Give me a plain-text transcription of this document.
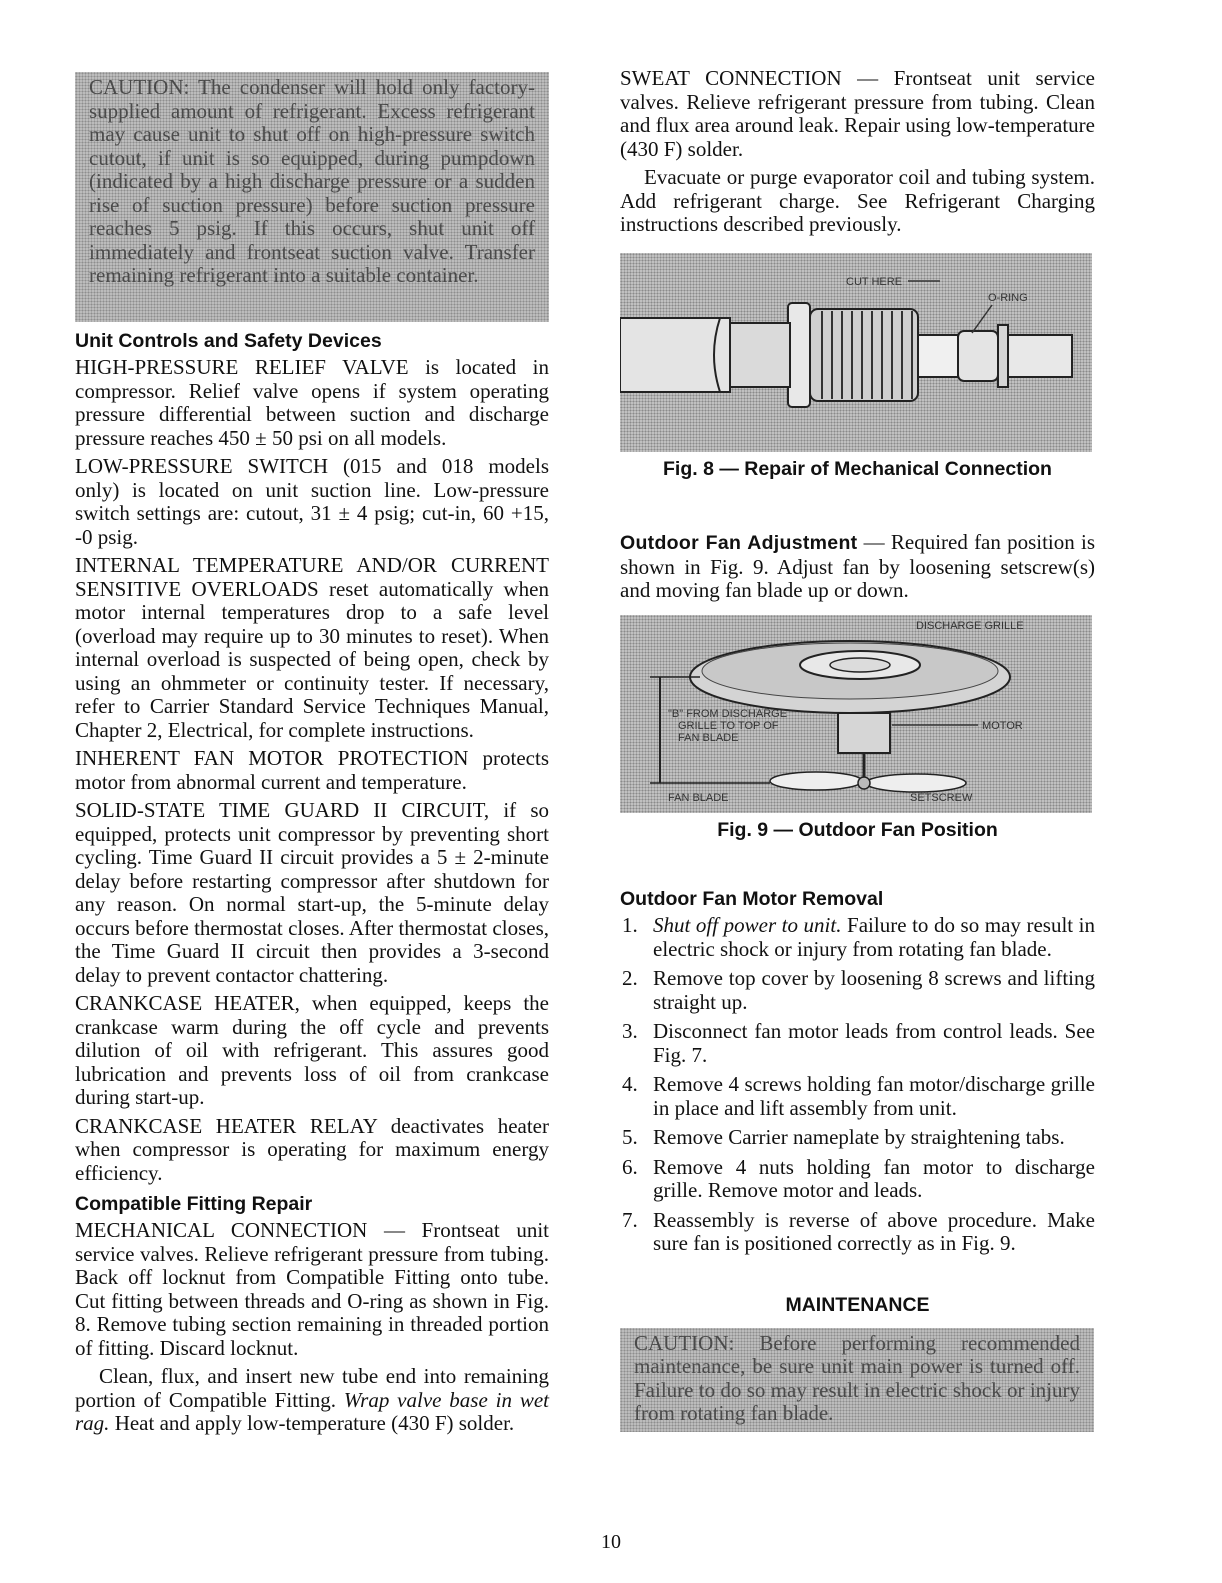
CAUTION: The condenser will hold only factory-supplied amount of refrigerant. Excess refrigerant may cause unit to shut off on high-pressure switch cutout, if unit is so equipped, during pumpdown (indicated by a high discharge pressure or a sudden rise of suction pressure) before suction pressure reaches 5 psig. If this occurs, shut unit off immediately and frontseat suction valve. Transfer remaining refrigerant into a suitable container.
Unit Controls and Safety Devices

HIGH-PRESSURE RELIEF VALVE is located in compressor. Relief valve opens if system operating pressure differential between suction and discharge pressure reaches 450 ± 50 psi on all models.

LOW-PRESSURE SWITCH (015 and 018 models only) is located on unit suction line. Low-pressure switch settings are: cutout, 31 ± 4 psig; cut-in, 60 +15, -0 psig.

INTERNAL TEMPERATURE AND/OR CURRENT SENSITIVE OVERLOADS reset automatically when motor internal temperatures drop to a safe level (overload may require up to 30 minutes to reset). When internal overload is suspected of being open, check by using an ohmmeter or continuity tester. If necessary, refer to Carrier Standard Service Techniques Manual, Chapter 2, Electrical, for complete instructions.

INHERENT FAN MOTOR PROTECTION protects motor from abnormal current and temperature.

SOLID-STATE TIME GUARD II CIRCUIT, if so equipped, protects unit compressor by preventing short cycling. Time Guard II circuit provides a 5 ± 2-minute delay before restarting compressor after shutdown for any reason. On normal start-up, the 5-minute delay occurs before thermostat closes. After thermostat closes, the Time Guard II circuit then provides a 3-second delay to prevent contactor chattering.

CRANKCASE HEATER, when equipped, keeps the crankcase warm during the off cycle and prevents dilution of oil with refrigerant. This assures good lubrication and prevents loss of oil from crankcase during start-up.

CRANKCASE HEATER RELAY deactivates heater when compressor is operating for maximum energy efficiency.

Compatible Fitting Repair

MECHANICAL CONNECTION — Frontseat unit service valves. Relieve refrigerant pressure from tubing. Back off locknut from Compatible Fitting onto tube. Cut fitting between threads and O-ring as shown in Fig. 8. Remove tubing section remaining in threaded portion of fitting. Discard locknut.

Clean, flux, and insert new tube end into remaining portion of Compatible Fitting. Wrap valve base in wet rag. Heat and apply low-temperature (430 F) solder.

SWEAT CONNECTION — Frontseat unit service valves. Relieve refrigerant pressure from tubing. Clean and flux area around leak. Repair using low-temperature (430 F) solder.

Evacuate or purge evaporator coil and tubing system. Add refrigerant charge. See Refrigerant Charging instructions described previously.

CUT HERE
O-RING
Fig. 8 — Repair of Mechanical Connection

Outdoor Fan Adjustment — Required fan position is shown in Fig. 9. Adjust fan by loosening setscrew(s) and moving fan blade up or down.

DISCHARGE GRILLE
"B" FROM DISCHARGE
GRILLE TO TOP OF
FAN BLADE
MOTOR
FAN BLADE	SETSCREW
Fig. 9 — Outdoor Fan Position
Outdoor Fan Motor Removal
1. Shut off power to unit. Failure to do so may result in electric shock or injury from rotating fan blade.
2. Remove top cover by loosening 8 screws and lifting straight up.
3. Disconnect fan motor leads from control leads. See Fig. 7.
4. Remove 4 screws holding fan motor/discharge grille in place and lift assembly from unit.
5. Remove Carrier nameplate by straightening tabs.
6. Remove 4 nuts holding fan motor to discharge grille. Remove motor and leads.
7. Reassembly is reverse of above procedure. Make sure fan is positioned correctly as in Fig. 9.
MAINTENANCE
CAUTION: Before performing recommended maintenance, be sure unit main power is turned off. Failure to do so may result in electric shock or injury from rotating fan blade.
10
